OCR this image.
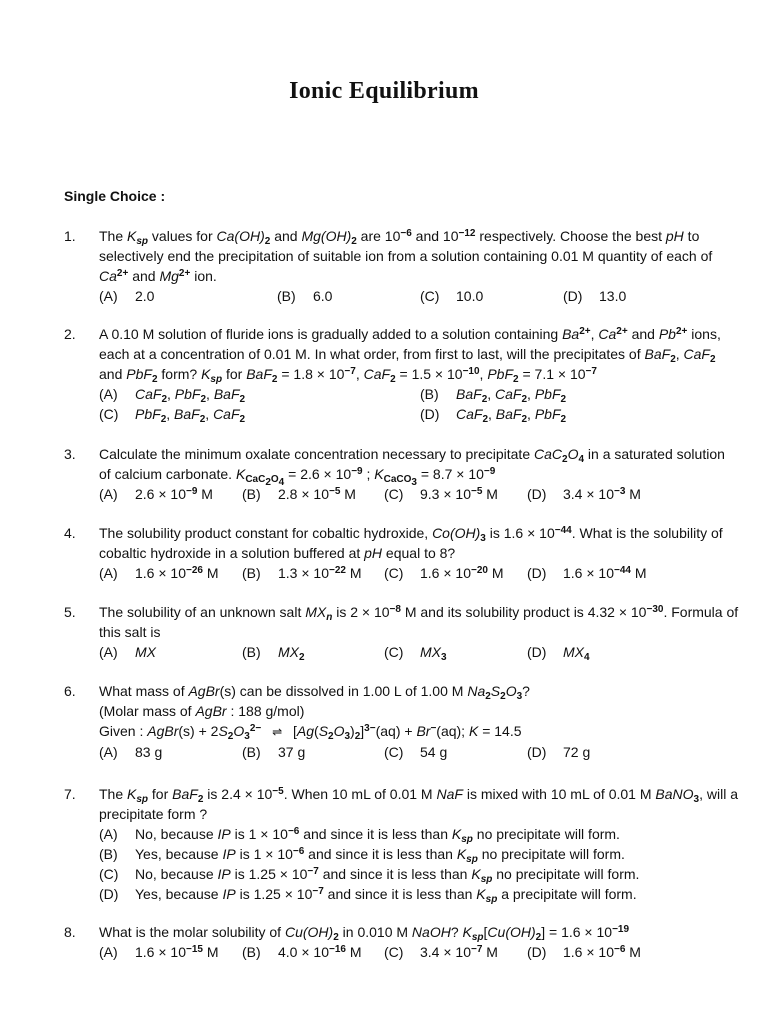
Ionic Equilibrium
Single Choice :
1. The $K_{sp}$ values for $Ca(OH)_2$ and $Mg(OH)_2$ are $10^{-6}$ and $10^{-12}$ respectively. Choose the best pH to selectively end the precipitation of suitable ion from a solution containing 0.01 M quantity of each of $Ca^{2+}$ and $Mg^{2+}$ ion.
(A) 2.0	(B) 6.0	(C) 10.0	(D) 13.0
2. A 0.10 M solution of fluride ions is gradually added to a solution containing $Ba^{2+}$, $Ca^{2+}$ and $Pb^{2+}$ ions, each at a concentration of 0.01 M. In what order, from first to last, will the precipitates of BaF$_2$, CaF$_2$ and PbF$_2$ form? $K_{sp}$ for $BaF_2 = 1.8 \times 10^{-7}$, $CaF_2 = 1.5 \times 10^{-10}$, $PbF_2 = 7.1 \times 10^{-7}$
(A) CaF$_2$, PbF$_2$, BaF$_2$	(B) BaF$_2$, CaF$_2$, PbF$_2$
(C) PbF$_2$, BaF$_2$, CaF$_2$	(D) CaF$_2$, BaF$_2$, PbF$_2$
3. Calculate the minimum oxalate concentration necessary to precipitate $CaC_2O_4$ in a saturated solution of calcium carbonate. $K_{CaC_2O_4} = 2.6 \times 10^{-9}$ ; $K_{CaCO_3} = 8.7 \times 10^{-9}$
(A) $2.6 \times 10^{-9}$ M (B) $2.8 \times 10^{-5}$ M (C) $9.3 \times 10^{-5}$ M (D) $3.4 \times 10^{-3}$ M
4. The solubility product constant for cobaltic hydroxide, $Co(OH)_3$ is $1.6 \times 10^{-44}$. What is the solubility of cobaltic hydroxide in a solution buffered at pH equal to 8?
(A) $1.6 \times 10^{-26}$ M (B) $1.3 \times 10^{-22}$ M (C) $1.6 \times 10^{-20}$ M (D) $1.6 \times 10^{-44}$ M
5. The solubility of an unknown salt $MX_n$ is $2 \times 10^{-8}$ M and its solubility product is $4.32 \times 10^{-30}$. Formula of this salt is
(A) MX	(B) $MX_2$	(C) $MX_3$	(D) $MX_4$
6. What mass of AgBr(s) can be dissolved in 1.00 L of 1.00 M $Na_2S_2O_3$?
(Molar mass of AgBr : 188 g/mol)
Given : AgBr(s) + $2S_2O_3^{2-}$ ⇌ $[Ag(S_2O_3)_2]^{3-}(aq) + Br^-(aq)$; K = 14.5
(A) 83 g	(B) 37 g	(C) 54 g	(D) 72 g
7. The $K_{sp}$ for BaF$_2$ is $2.4 \times 10^{-5}$. When 10 mL of 0.01 M NaF is mixed with 10 mL of 0.01 M BaNO$_3$, will a precipitate form ?
(A) No, because IP is $1 \times 10^{-6}$ and since it is less than $K_{sp}$ no precipitate will form.
(B) Yes, because IP is $1 \times 10^{-6}$ and since it is less than $K_{sp}$ no precipitate will form.
(C) No, because IP is $1.25 \times 10^{-7}$ and since it is less than $K_{sp}$ no precipitate will form.
(D) Yes, because IP is $1.25 \times 10^{-7}$ and since it is less than $K_{sp}$ a precipitate will form.
8. What is the molar solubility of $Cu(OH)_2$ in 0.010 M NaOH? $K_{sp}[Cu(OH)_2] = 1.6 \times 10^{-19}$
(A) $1.6 \times 10^{-15}$ M (B) $4.0 \times 10^{-16}$ M (C) $3.4 \times 10^{-7}$ M (D) $1.6 \times 10^{-6}$ M
